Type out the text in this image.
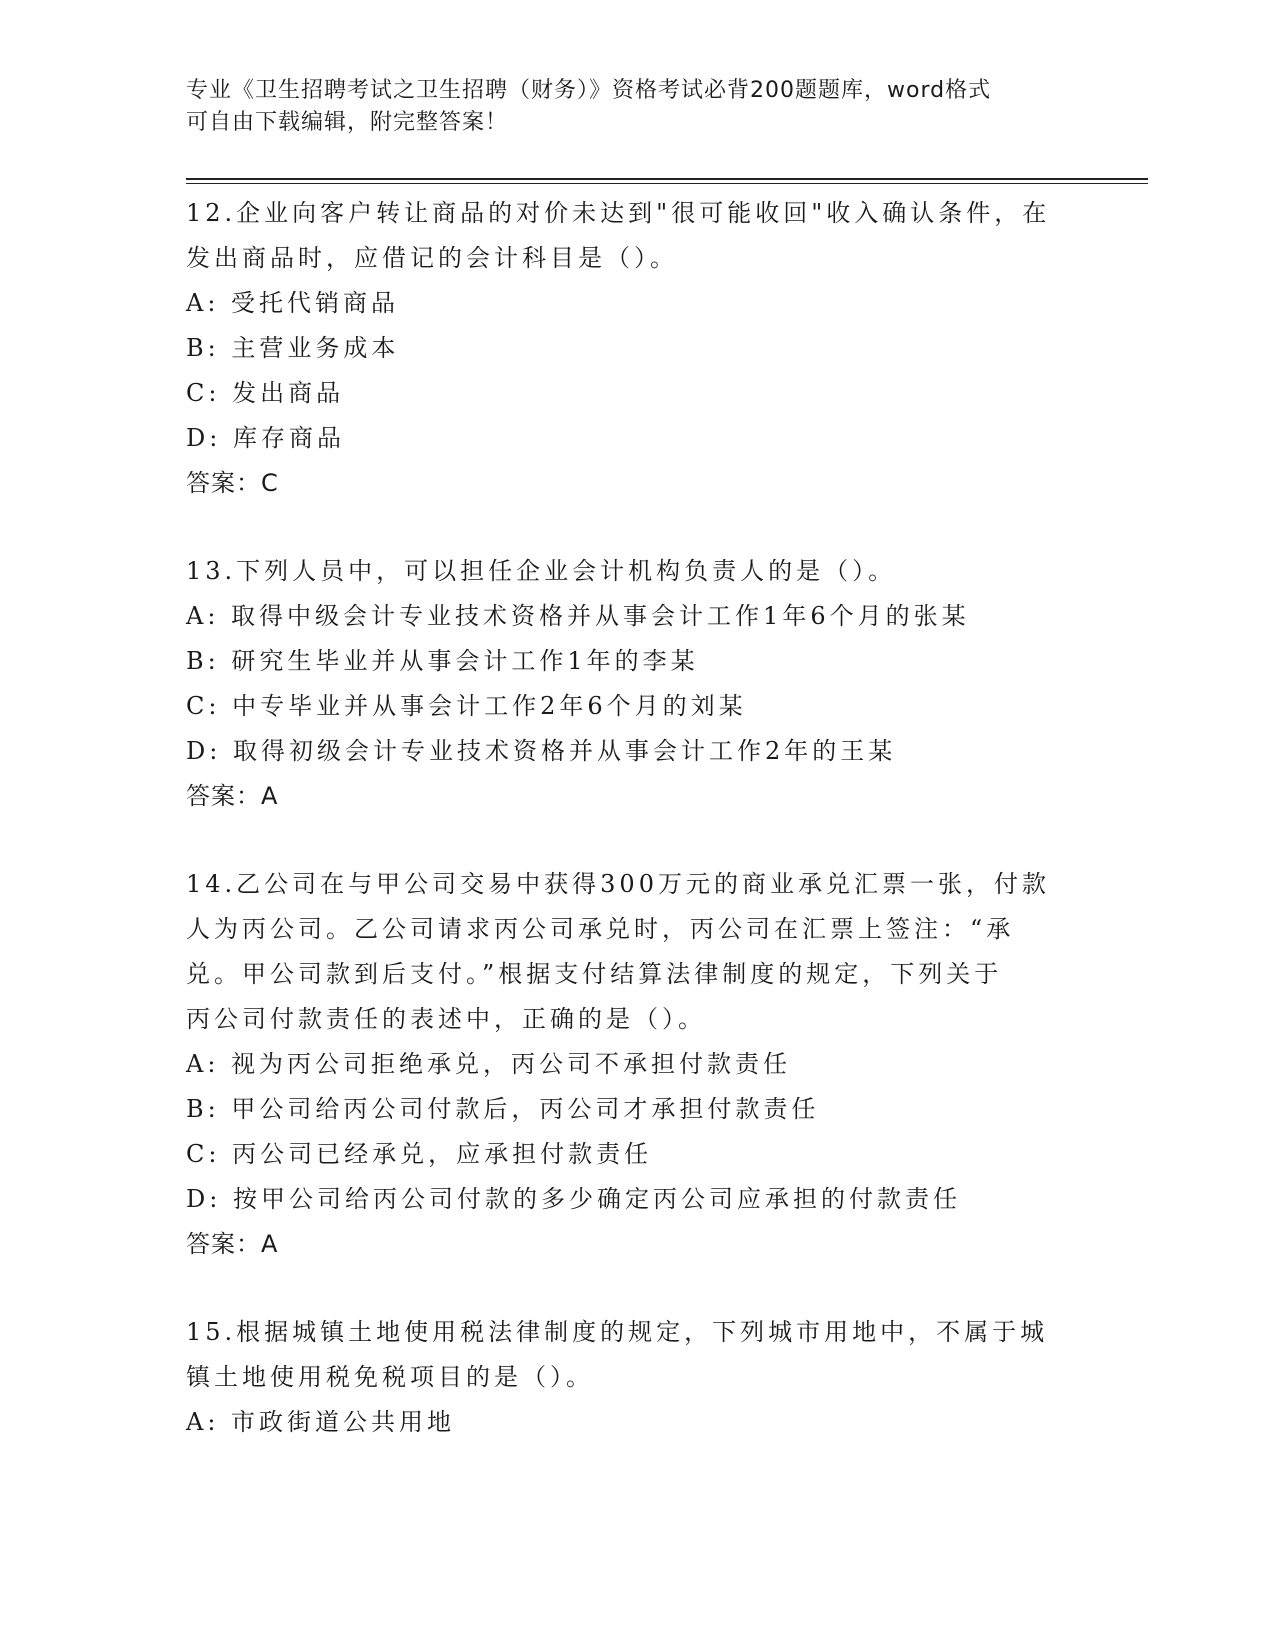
专业《卫生招聘考试之卫生招聘（财务）》资格考试必背200题题库，word格式
可自由下载编辑，附完整答案！
12.企业向客户转让商品的对价未达到"很可能收回"收入确认条件，在
发出商品时，应借记的会计科目是（）。
A: 受托代销商品
B: 主营业务成本
C: 发出商品
D: 库存商品
答案：C
13.下列人员中，可以担任企业会计机构负责人的是（）。
A: 取得中级会计专业技术资格并从事会计工作1年6个月的张某
B: 研究生毕业并从事会计工作1年的李某
C: 中专毕业并从事会计工作2年6个月的刘某
D: 取得初级会计专业技术资格并从事会计工作2年的王某
答案：A
14.乙公司在与甲公司交易中获得300万元的商业承兑汇票一张，付款
人为丙公司。乙公司请求丙公司承兑时，丙公司在汇票上签注：“承
兑。甲公司款到后支付。”根据支付结算法律制度的规定，下列关于
丙公司付款责任的表述中，正确的是（）。
A: 视为丙公司拒绝承兑，丙公司不承担付款责任
B: 甲公司给丙公司付款后，丙公司才承担付款责任
C: 丙公司已经承兑，应承担付款责任
D: 按甲公司给丙公司付款的多少确定丙公司应承担的付款责任
答案：A
15.根据城镇土地使用税法律制度的规定，下列城市用地中，不属于城
镇土地使用税免税项目的是（）。
A: 市政街道公共用地
